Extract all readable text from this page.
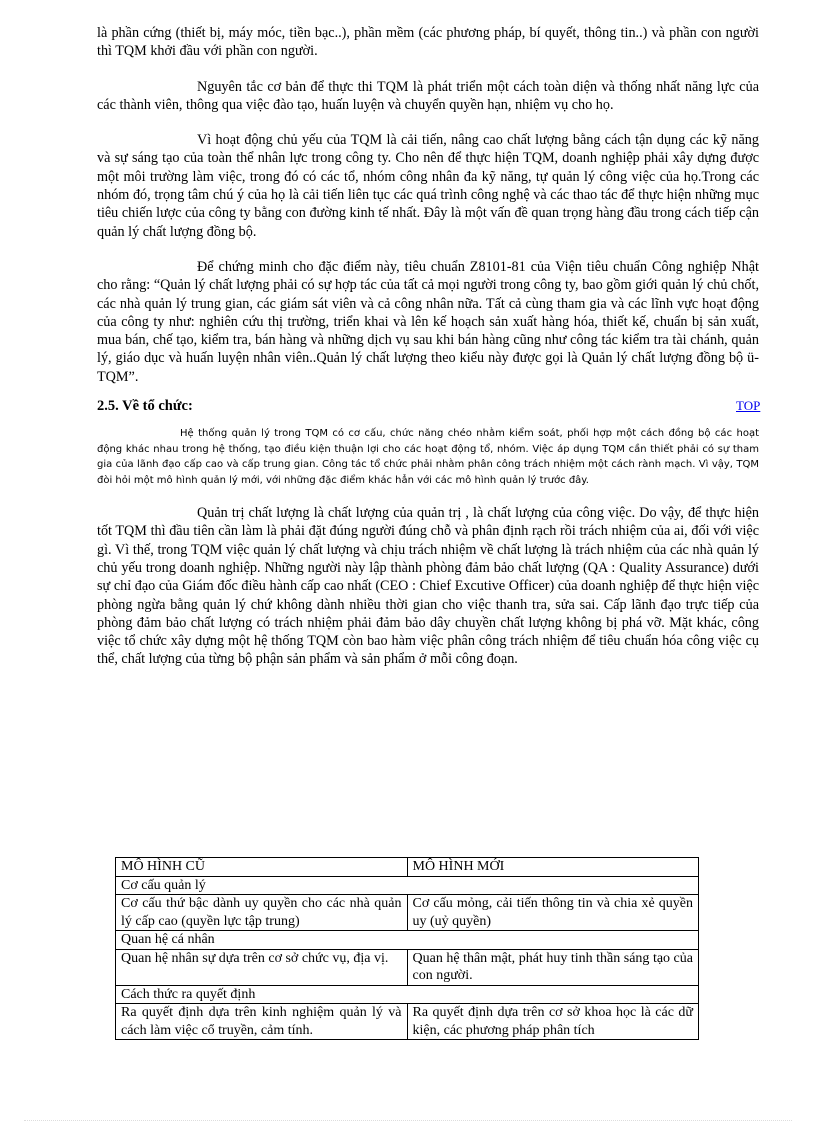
là phần cứng (thiết bị, máy móc, tiền bạc..), phần mềm (các phương pháp, bí quyết, thông tin..) và phần con người thì TQM khởi đầu với phần con người.

Nguyên tắc cơ bản để thực thi TQM là phát triển một cách toàn diện và thống nhất năng lực của các thành viên, thông qua việc đào tạo, huấn luyện và chuyển quyền hạn, nhiệm vụ cho họ.

Vì hoạt động chủ yếu của TQM là cải tiến, nâng cao chất lượng bằng cách tận dụng các kỹ năng và sự sáng tạo của toàn thể nhân lực trong công ty. Cho nên để thực hiện TQM, doanh nghiệp phải xây dựng được một môi trường làm việc, trong đó có các tổ, nhóm công nhân đa kỹ năng, tự quản lý công việc của họ.Trong các nhóm đó, trọng tâm chú ý của họ là cải tiến liên tục các quá trình công nghệ và các thao tác để thực hiện những mục tiêu chiến lược của công ty bằng con đường kinh tế nhất. Đây là một vấn đề quan trọng hàng đầu trong cách tiếp cận quản lý chất lượng đồng bộ.

Để chứng minh cho đặc điểm này, tiêu chuẩn Z8101-81 của Viện tiêu chuẩn Công nghiệp Nhật cho rằng: “Quản lý chất lượng phải có sự hợp tác của tất cả mọi người trong công ty, bao gồm giới quản lý chủ chốt, các nhà quản lý trung gian, các giám sát viên và cả công nhân nữa. Tất cả cùng tham gia và các lĩnh vực hoạt động của công ty như: nghiên cứu thị trường, triển khai và lên kế hoạch sản xuất hàng hóa, thiết kế, chuẩn bị sản xuất, mua bán, chế tạo, kiểm tra, bán hàng và những dịch vụ sau khi bán hàng cũng như công tác kiểm tra tài chánh, quản lý, giáo dục và huấn luyện nhân viên..Quản lý chất lượng theo kiểu này được gọi là Quản lý chất lượng đồng bộ ü-TQM”.

2.5. Về tổ chức:	TOP

Hệ thống quản lý trong TQM có cơ cấu, chức năng chéo nhằm kiểm soát, phối hợp một cách đồng bộ các hoạt động khác nhau trong hệ thống, tạo điều kiện thuận lợi cho các hoạt động tổ, nhóm. Việc áp dụng TQM cần thiết phải có sự tham gia của lãnh đạo cấp cao và cấp trung gian. Công tác tổ chức phải nhằm phân công trách nhiệm một cách rành mạch. Vì vậy, TQM đòi hỏi một mô hình quản lý mới, với những đặc điểm khác hẳn với các mô hình quản lý trước đây.

Quản trị chất lượng là chất lượng của quản trị , là chất lượng của công việc. Do vậy, để thực hiện tốt TQM thì đầu tiên cần làm là phải đặt đúng người đúng chỗ và phân định rạch rồi trách nhiệm của ai, đối với việc gì. Vì thế, trong TQM việc quản lý chất lượng và chịu trách nhiệm về chất lượng là trách nhiệm của các nhà quản lý chủ yếu trong doanh nghiệp. Những người này lập thành phòng đảm bảo chất lượng (QA : Quality Assurance) dưới sự chỉ đạo của Giám đốc điều hành cấp cao nhất (CEO : Chief Excutive Officer) của doanh nghiệp để thực hiện việc phòng ngừa bằng quản lý chứ không dành nhiều thời gian cho việc thanh tra, sửa sai. Cấp lãnh đạo trực tiếp của phòng đảm bảo chất lượng có trách nhiệm phải đảm bảo dây chuyền chất lượng không bị phá vỡ. Mặt khác, công việc tổ chức xây dựng một hệ thống TQM còn bao hàm việc phân công trách nhiệm để tiêu chuẩn hóa công việc cụ thể, chất lượng của từng bộ phận sản phẩm và sản phẩm ở mỗi công đoạn.

MÔ HÌNH CŨ	MÔ HÌNH MỚI
Cơ cấu quản lý	
Cơ cấu thứ bậc dành uy quyền cho các nhà quản lý cấp cao (quyền lực tập trung)	Cơ cấu mỏng, cải tiến thông tin và chia xẻ quyền uy (uỷ quyền)
Quan hệ cá nhân	
Quan hệ nhân sự dựa trên cơ sở chức vụ, địa vị.	Quan hệ thân mật, phát huy tinh thần sáng tạo của con người.
Cách thức ra quyết định	
Ra quyết định dựa trên kinh nghiệm quản lý và cách làm việc cổ truyền, cảm tính.	Ra quyết định dựa trên cơ sở khoa học là các dữ kiện, các phương pháp phân tích
